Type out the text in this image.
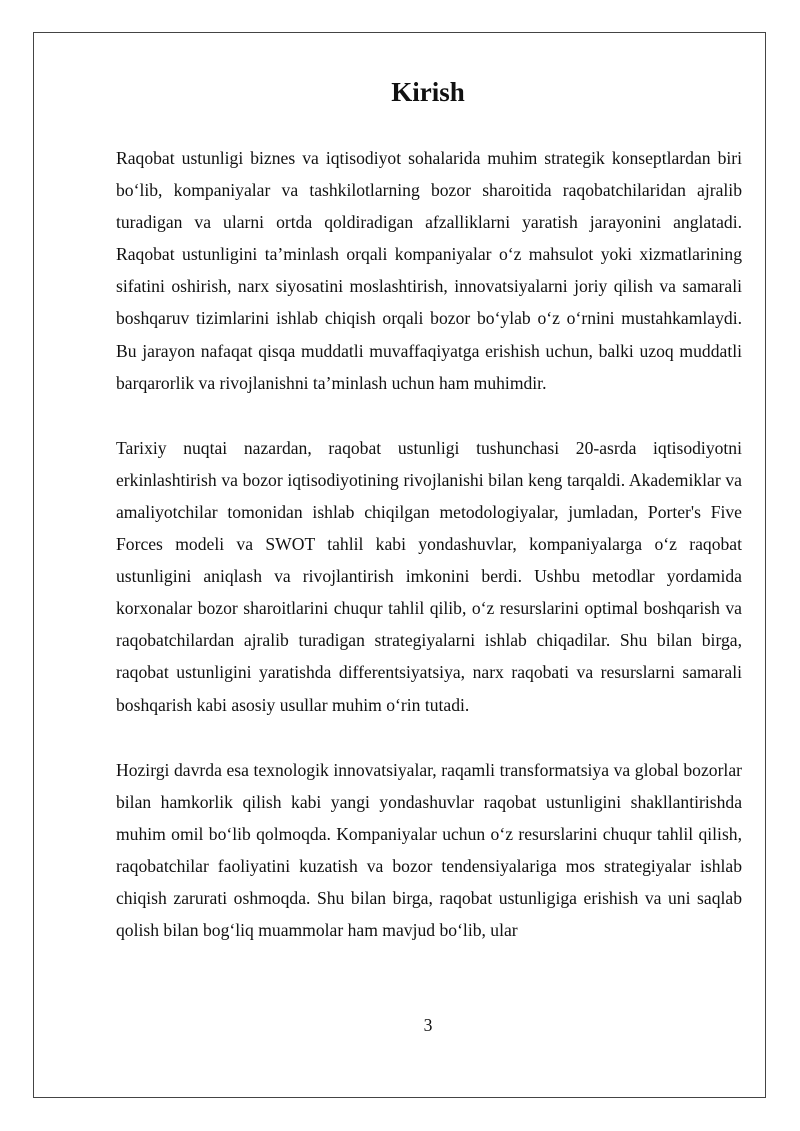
Kirish

Raqobat ustunligi biznes va iqtisodiyot sohalarida muhim strategik konseptlardan biri bo‘lib, kompaniyalar va tashkilotlarning bozor sharoitida raqobatchilaridan ajralib turadigan va ularni ortda qoldiradigan afzalliklarni yaratish jarayonini anglatadi. Raqobat ustunligini ta’minlash orqali kompaniyalar o‘z mahsulot yoki xizmatlarining sifatini oshirish, narx siyosatini moslashtirish, innovatsiyalarni joriy qilish va samarali boshqaruv tizimlarini ishlab chiqish orqali bozor bo‘ylab o‘z o‘rnini mustahkamlaydi. Bu jarayon nafaqat qisqa muddatli muvaffaqiyatga erishish uchun, balki uzoq muddatli barqarorlik va rivojlanishni ta’minlash uchun ham muhimdir.

Tarixiy nuqtai nazardan, raqobat ustunligi tushunchasi 20-asrda iqtisodiyotni erkinlashtirish va bozor iqtisodiyotining rivojlanishi bilan keng tarqaldi. Akademiklar va amaliyotchilar tomonidan ishlab chiqilgan metodologiyalar, jumladan, Porter's Five Forces modeli va SWOT tahlil kabi yondashuvlar, kompaniyalarga o‘z raqobat ustunligini aniqlash va rivojlantirish imkonini berdi. Ushbu metodlar yordamida korxonalar bozor sharoitlarini chuqur tahlil qilib, o‘z resurslarini optimal boshqarish va raqobatchilardan ajralib turadigan strategiyalarni ishlab chiqadilar. Shu bilan birga, raqobat ustunligini yaratishda differentsiyatsiya, narx raqobati va resurslarni samarali boshqarish kabi asosiy usullar muhim o‘rin tutadi.

Hozirgi davrda esa texnologik innovatsiyalar, raqamli transformatsiya va global bozorlar bilan hamkorlik qilish kabi yangi yondashuvlar raqobat ustunligini shakllantirishda muhim omil bo‘lib qolmoqda. Kompaniyalar uchun o‘z resurslarini chuqur tahlil qilish, raqobatchilar faoliyatini kuzatish va bozor tendensiyalariga mos strategiyalar ishlab chiqish zarurati oshmoqda. Shu bilan birga, raqobat ustunligiga erishish va uni saqlab qolish bilan bog‘liq muammolar ham mavjud bo‘lib, ular

3
